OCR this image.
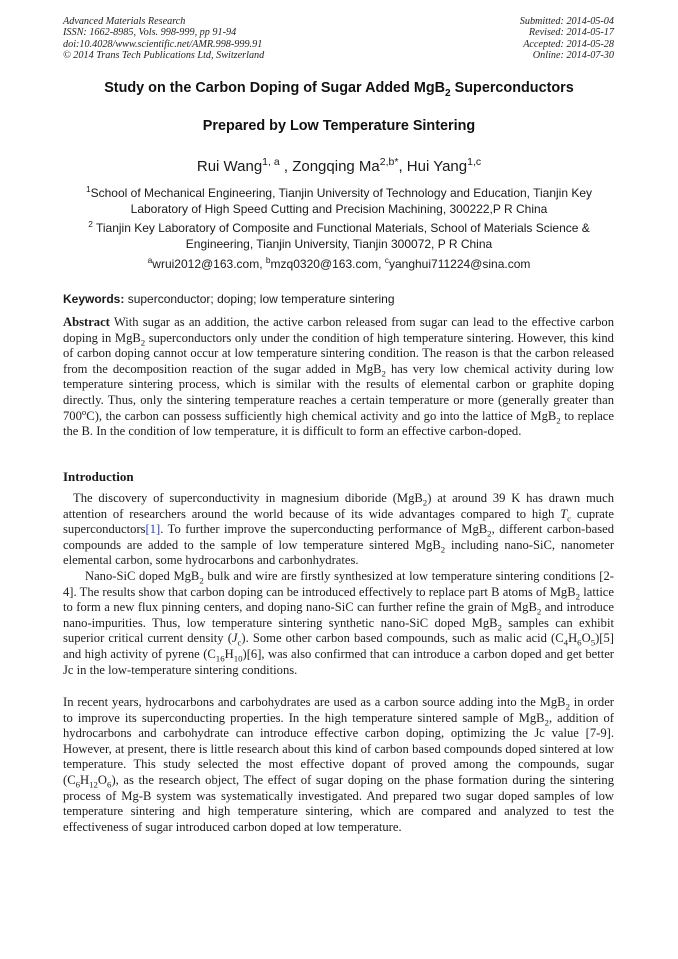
Advanced Materials Research
ISSN: 1662-8985, Vols. 998-999, pp 91-94
doi:10.4028/www.scientific.net/AMR.998-999.91
© 2014 Trans Tech Publications Ltd, Switzerland
Submitted: 2014-05-04
Revised: 2014-05-17
Accepted: 2014-05-28
Online: 2014-07-30
Study on the Carbon Doping of Sugar Added MgB$_2$ Superconductors
Prepared by Low Temperature Sintering
Rui Wang$^{1, a}$ , Zongqing $Ma^{2,b*}$, Hui Yang$^{1,c}$
$^1$School of Mechanical Engineering, Tianjin University of Technology and Education, Tianjin Key Laboratory of High Speed Cutting and Precision Machining, 300222,P R China
$^2$ Tianjin Key Laboratory of Composite and Functional Materials, School of Materials Science & Engineering, Tianjin University, Tianjin 300072, P R China
$^a$wrui2012@163.com, $^b$mzq0320@163.com, $^c$yanghui711224@sina.com
Keywords: superconductor; doping; low temperature sintering
Abstract With sugar as an addition, the active carbon released from sugar can lead to the effective carbon doping in MgB$_2$ superconductors only under the condition of high temperature sintering. However, this kind of carbon doping cannot occur at low temperature sintering condition. The reason is that the carbon released from the decomposition reaction of the sugar added in MgB$_2$ has very low chemical activity during low temperature sintering process, which is similar with the results of elemental carbon or graphite doping directly. Thus, only the sintering temperature reaches a certain temperature or more (generally greater than 700$^o$C), the carbon can possess sufficiently high chemical activity and go into the lattice of MgB$_2$ to replace the B. In the condition of low temperature, it is difficult to form an effective carbon-doped.
Introduction
The discovery of superconductivity in magnesium diboride (MgB$_2$) at around 39 K has drawn much attention of researchers around the world because of its wide advantages compared to high $T_c$ cuprate superconductors[1]. To further improve the superconducting performance of MgB$_2$, different carbon-based compounds are added to the sample of low temperature sintered MgB$_2$ including nano-SiC, nanometer elemental carbon, some hydrocarbons and carbonhydrates.
Nano-SiC doped MgB$_2$ bulk and wire are firstly synthesized at low temperature sintering conditions [2-4]. The results show that carbon doping can be introduced effectively to replace part B atoms of MgB$_2$ lattice to form a new flux pinning centers, and doping nano-SiC can further refine the grain of MgB$_2$ and introduce nano-impurities. Thus, low temperature sintering synthetic nano-SiC doped MgB$_2$ samples can exhibit superior critical current density $(J_c)$. Some other carbon based compounds, such as malic acid $(C_4H_6O_5)[5]$ and high activity of pyrene $(C_{16}H_{10})[6]$, was also confirmed that can introduce a carbon doped and get better Jc in the low-temperature sintering conditions.
In recent years, hydrocarbons and carbohydrates are used as a carbon source adding into the MgB$_2$ in order to improve its superconducting properties. In the high temperature sintered sample of MgB$_2$, addition of hydrocarbons and carbohydrate can introduce effective carbon doping, optimizing the Jc value [7-9]. However, at present, there is little research about this kind of carbon based compounds doped sintered at low temperature. This study selected the most effective dopant of proved among the compounds, sugar $(C_6H_{12}O_6)$, as the research object, The effect of sugar doping on the phase formation during the sintering process of Mg-B system was systematically investigated. And prepared two sugar doped samples of low temperature sintering and high temperature sintering, which are compared and analyzed to test the effectiveness of sugar introduced carbon doped at low temperature.
